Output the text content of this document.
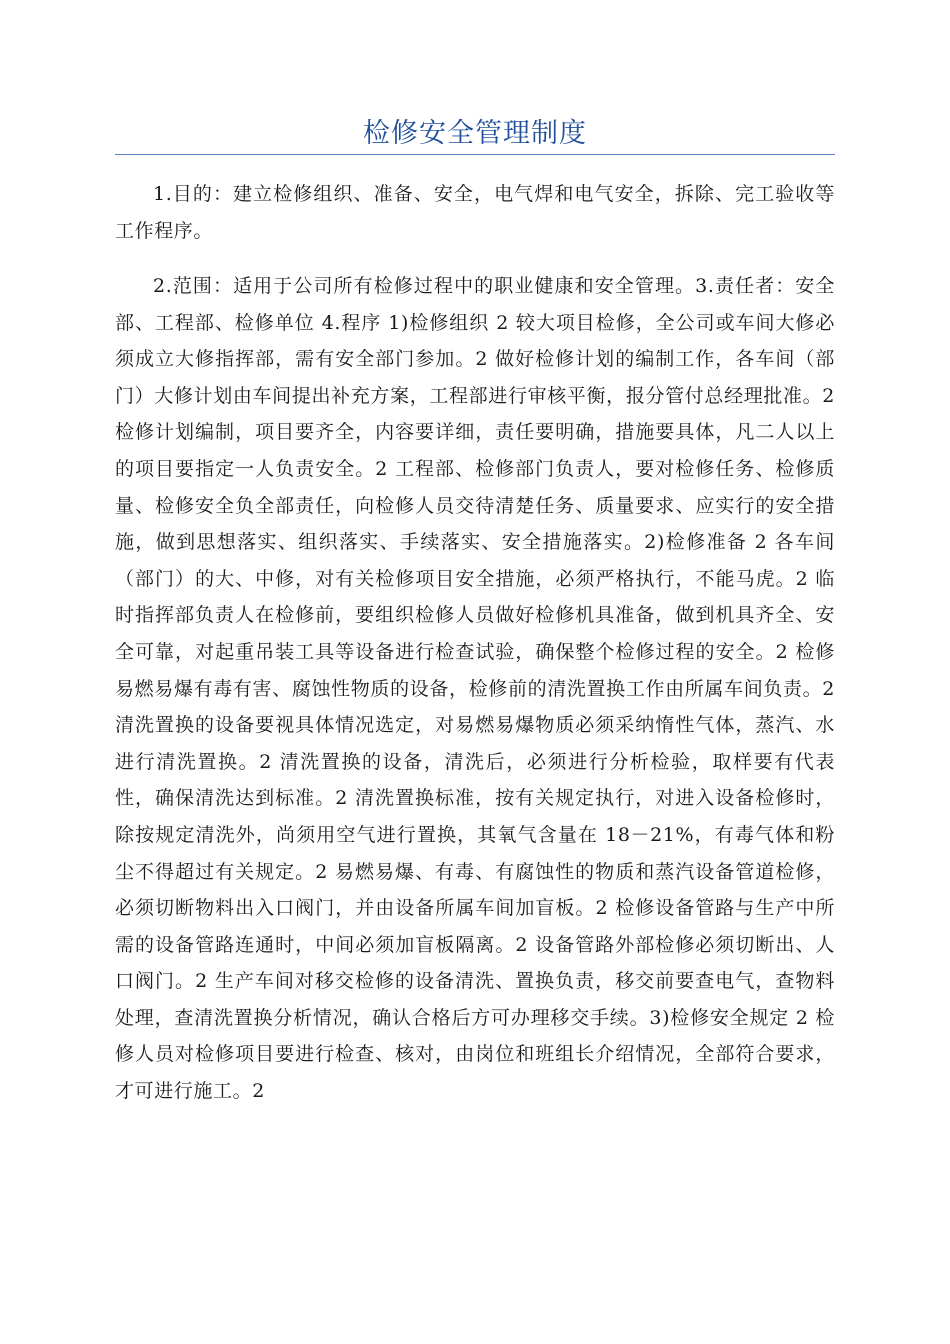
检修安全管理制度

1.目的：建立检修组织、准备、安全，电气焊和电气安全，拆除、完工验收等工作程序。

2.范围：适用于公司所有检修过程中的职业健康和安全管理。3.责任者：安全部、工程部、检修单位 4.程序 1)检修组织 2 较大项目检修，全公司或车间大修必须成立大修指挥部，需有安全部门参加。2 做好检修计划的编制工作，各车间（部门）大修计划由车间提出补充方案，工程部进行审核平衡，报分管付总经理批准。2 检修计划编制，项目要齐全，内容要详细，责任要明确，措施要具体，凡二人以上的项目要指定一人负责安全。2 工程部、检修部门负责人，要对检修任务、检修质量、检修安全负全部责任，向检修人员交待清楚任务、质量要求、应实行的安全措施，做到思想落实、组织落实、手续落实、安全措施落实。2)检修准备 2 各车间（部门）的大、中修，对有关检修项目安全措施，必须严格执行，不能马虎。2 临时指挥部负责人在检修前，要组织检修人员做好检修机具准备，做到机具齐全、安全可靠，对起重吊装工具等设备进行检查试验，确保整个检修过程的安全。2 检修易燃易爆有毒有害、腐蚀性物质的设备，检修前的清洗置换工作由所属车间负责。2 清洗置换的设备要视具体情况选定，对易燃易爆物质必须采纳惰性气体，蒸汽、水进行清洗置换。2 清洗置换的设备，清洗后，必须进行分析检验，取样要有代表性，确保清洗达到标准。2 清洗置换标准，按有关规定执行，对进入设备检修时，除按规定清洗外，尚须用空气进行置换，其氧气含量在 18－21%，有毒气体和粉尘不得超过有关规定。2 易燃易爆、有毒、有腐蚀性的物质和蒸汽设备管道检修，必须切断物料出入口阀门，并由设备所属车间加盲板。2 检修设备管路与生产中所需的设备管路连通时，中间必须加盲板隔离。2 设备管路外部检修必须切断出、人口阀门。2 生产车间对移交检修的设备清洗、置换负责，移交前要查电气，查物料处理，查清洗置换分析情况，确认合格后方可办理移交手续。3)检修安全规定 2 检修人员对检修项目要进行检查、核对，由岗位和班组长介绍情况，全部符合要求，才可进行施工。2
